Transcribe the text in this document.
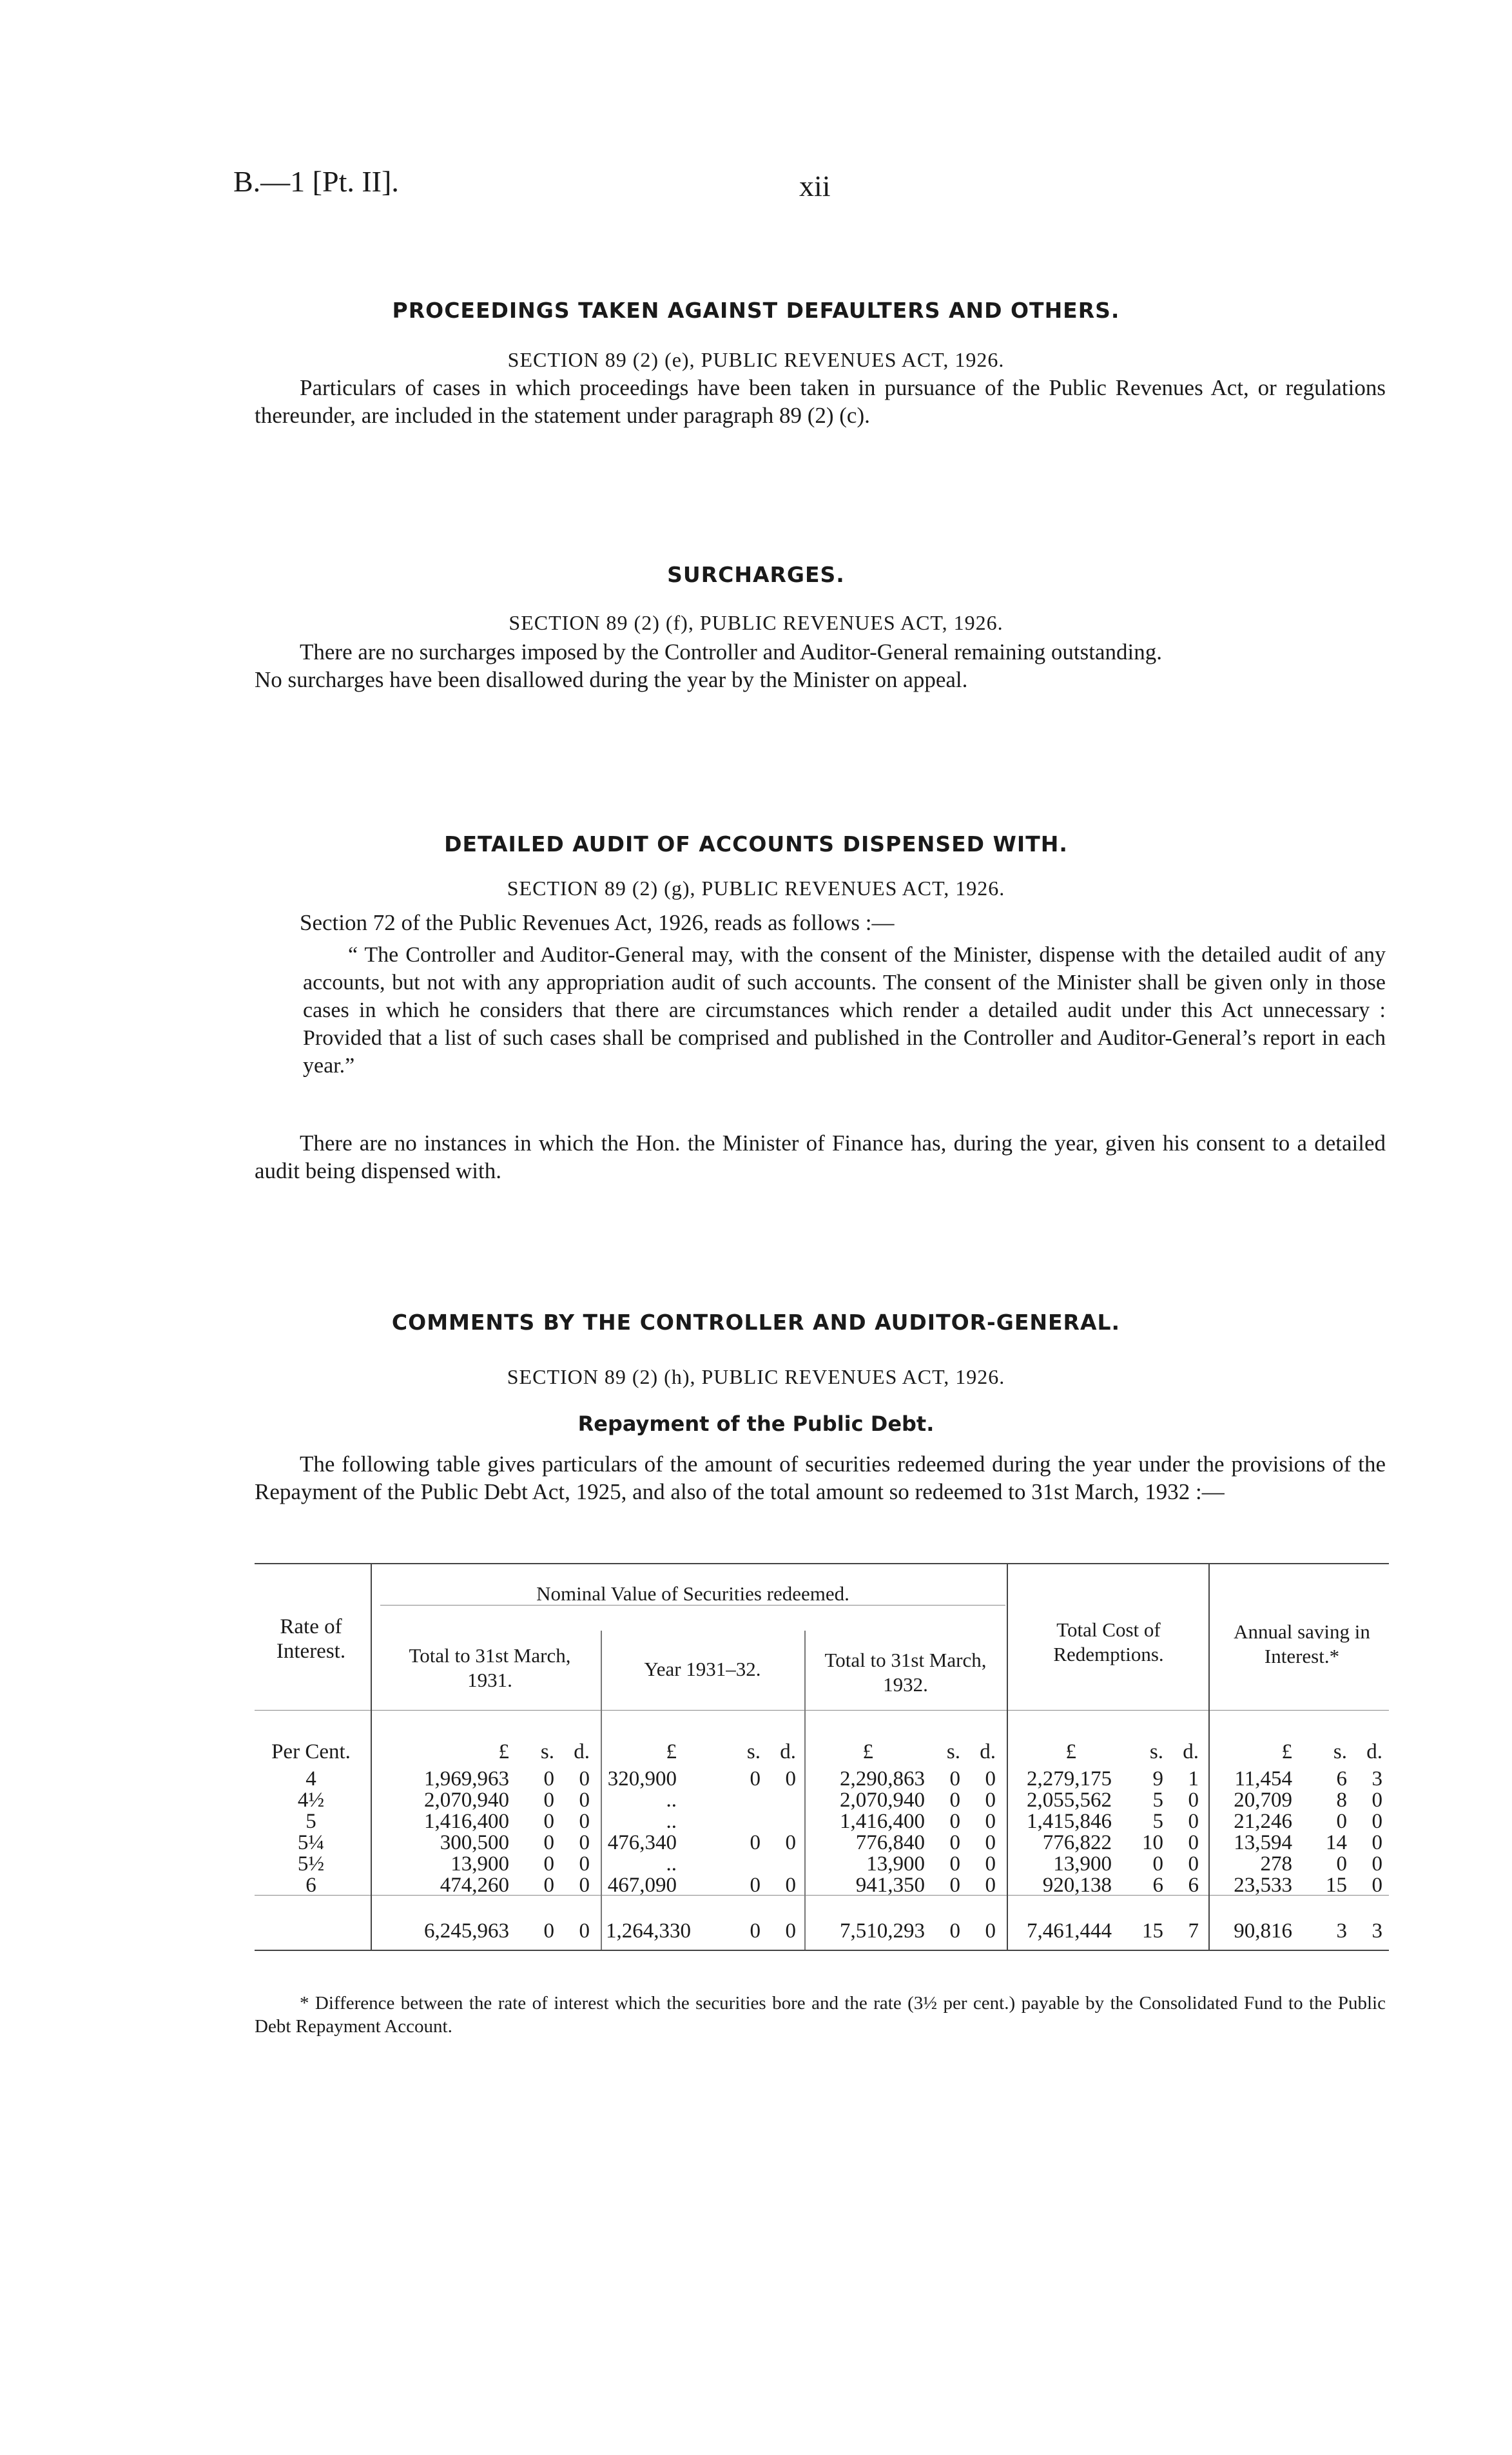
B.—1 [Pt. II].	xii
PROCEEDINGS TAKEN AGAINST DEFAULTERS AND OTHERS.
SECTION 89 (2) (e), PUBLIC REVENUES ACT, 1926.
Particulars of cases in which proceedings have been taken in pursuance of the Public Revenues Act, or regulations thereunder, are included in the statement under paragraph 89 (2) (c).
SURCHARGES.
SECTION 89 (2) (f), PUBLIC REVENUES ACT, 1926.
There are no surcharges imposed by the Controller and Auditor-General remaining outstanding.
No surcharges have been disallowed during the year by the Minister on appeal.
DETAILED AUDIT OF ACCOUNTS DISPENSED WITH.
SECTION 89 (2) (g), PUBLIC REVENUES ACT, 1926.
Section 72 of the Public Revenues Act, 1926, reads as follows :—
“ The Controller and Auditor-General may, with the consent of the Minister, dispense with the detailed audit of any accounts, but not with any appropriation audit of such accounts. The consent of the Minister shall be given only in those cases in which he considers that there are circumstances which render a detailed audit under this Act unnecessary : Provided that a list of such cases shall be comprised and published in the Controller and Auditor-General’s report in each year.”
There are no instances in which the Hon. the Minister of Finance has, during the year, given his consent to a detailed audit being dispensed with.
COMMENTS BY THE CONTROLLER AND AUDITOR-GENERAL.
SECTION 89 (2) (h), PUBLIC REVENUES ACT, 1926.
Repayment of the Public Debt.
The following table gives particulars of the amount of securities redeemed during the year under the provisions of the Repayment of the Public Debt Act, 1925, and also of the total amount so redeemed to 31st March, 1932 :—
Rate of Interest.
Nominal Value of Securities redeemed.
Total to 31st March, 1931.	Year 1931–32.	Total to 31st March, 1932.
Total Cost of Redemptions.
Annual saving in Interest.*
Per Cent.	£	s. d.	£	s. d.	£	s. d.	£	s. d.	£	s. d.
4	1,969,963	0	0 320,900	0	0	2,290,863	0	0	2,279,175	9	1	11,454	6	3
4½	2,070,940	0	0	..	2,070,940	0	0	2,055,562	5	0	20,709	8	0
5	1,416,400	0	0	..	1,416,400	0	0	1,415,846	5	0	21,246	0	0
5¼	300,500	0	0 476,340	0	0	776,840	0	0	776,822	10	0	13,594	14	0
5½	13,900	0	0	..	13,900	0	0	13,900	0	0	278	0	0
6	474,260	0	0 467,090	0	0	941,350	0	0	920,138	6	6	23,533	15	0
6,245,963	0	0 1,264,330	0	0	7,510,293	0	0	7,461,444	15	7	90,816	3	3
* Difference between the rate of interest which the securities bore and the rate (3½ per cent.) payable by the Consolidated Fund to the Public Debt Repayment Account.
